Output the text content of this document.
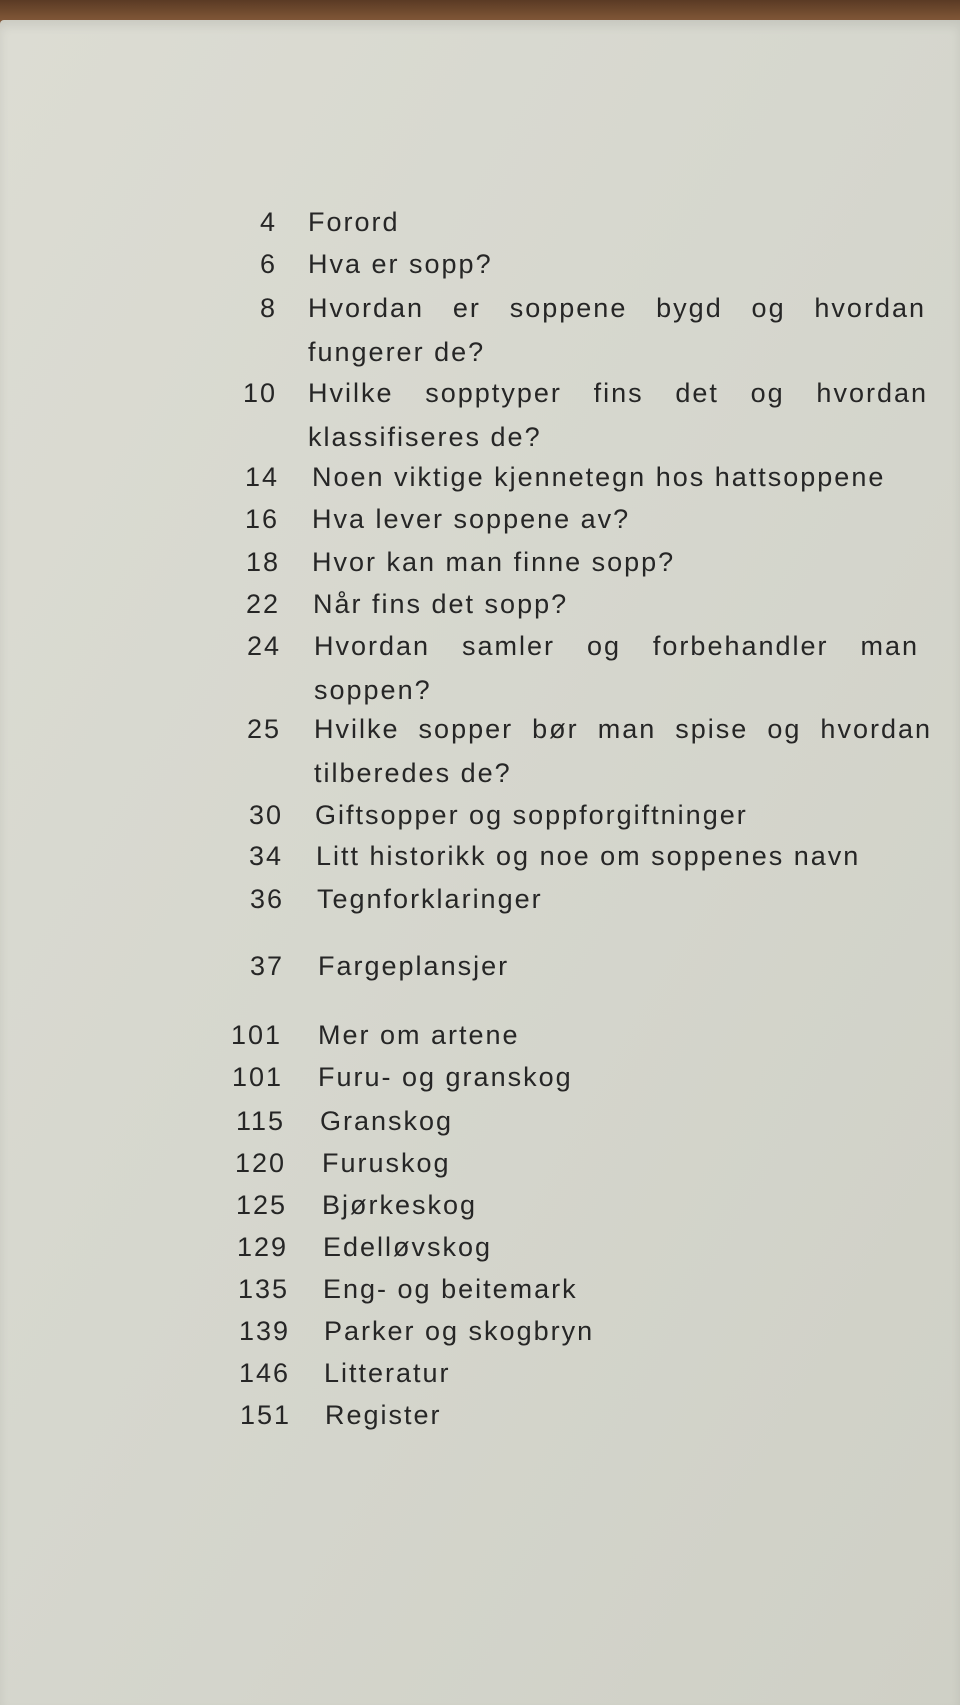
4 Forord
6 Hva er sopp?
8 Hvordan er soppene bygd og hvordan
fungerer de?
10 Hvilke sopptyper fins det og hvordan
klassifiseres de?
14 Noen viktige kjennetegn hos hattsoppene
16 Hva lever soppene av?
18 Hvor kan man finne sopp?
22 Når fins det sopp?
24 Hvordan samler og forbehandler man
soppen?
25 Hvilke sopper bør man spise og hvordan
tilberedes de?
30 Giftsopper og soppforgiftninger
34 Litt historikk og noe om soppenes navn
36 Tegnforklaringer
37 Fargeplansjer
101 Mer om artene
101 Furu- og granskog
115 Granskog
120 Furuskog
125 Bjørkeskog
129 Edelløvskog
135 Eng- og beitemark
139 Parker og skogbryn
146 Litteratur
151 Register
